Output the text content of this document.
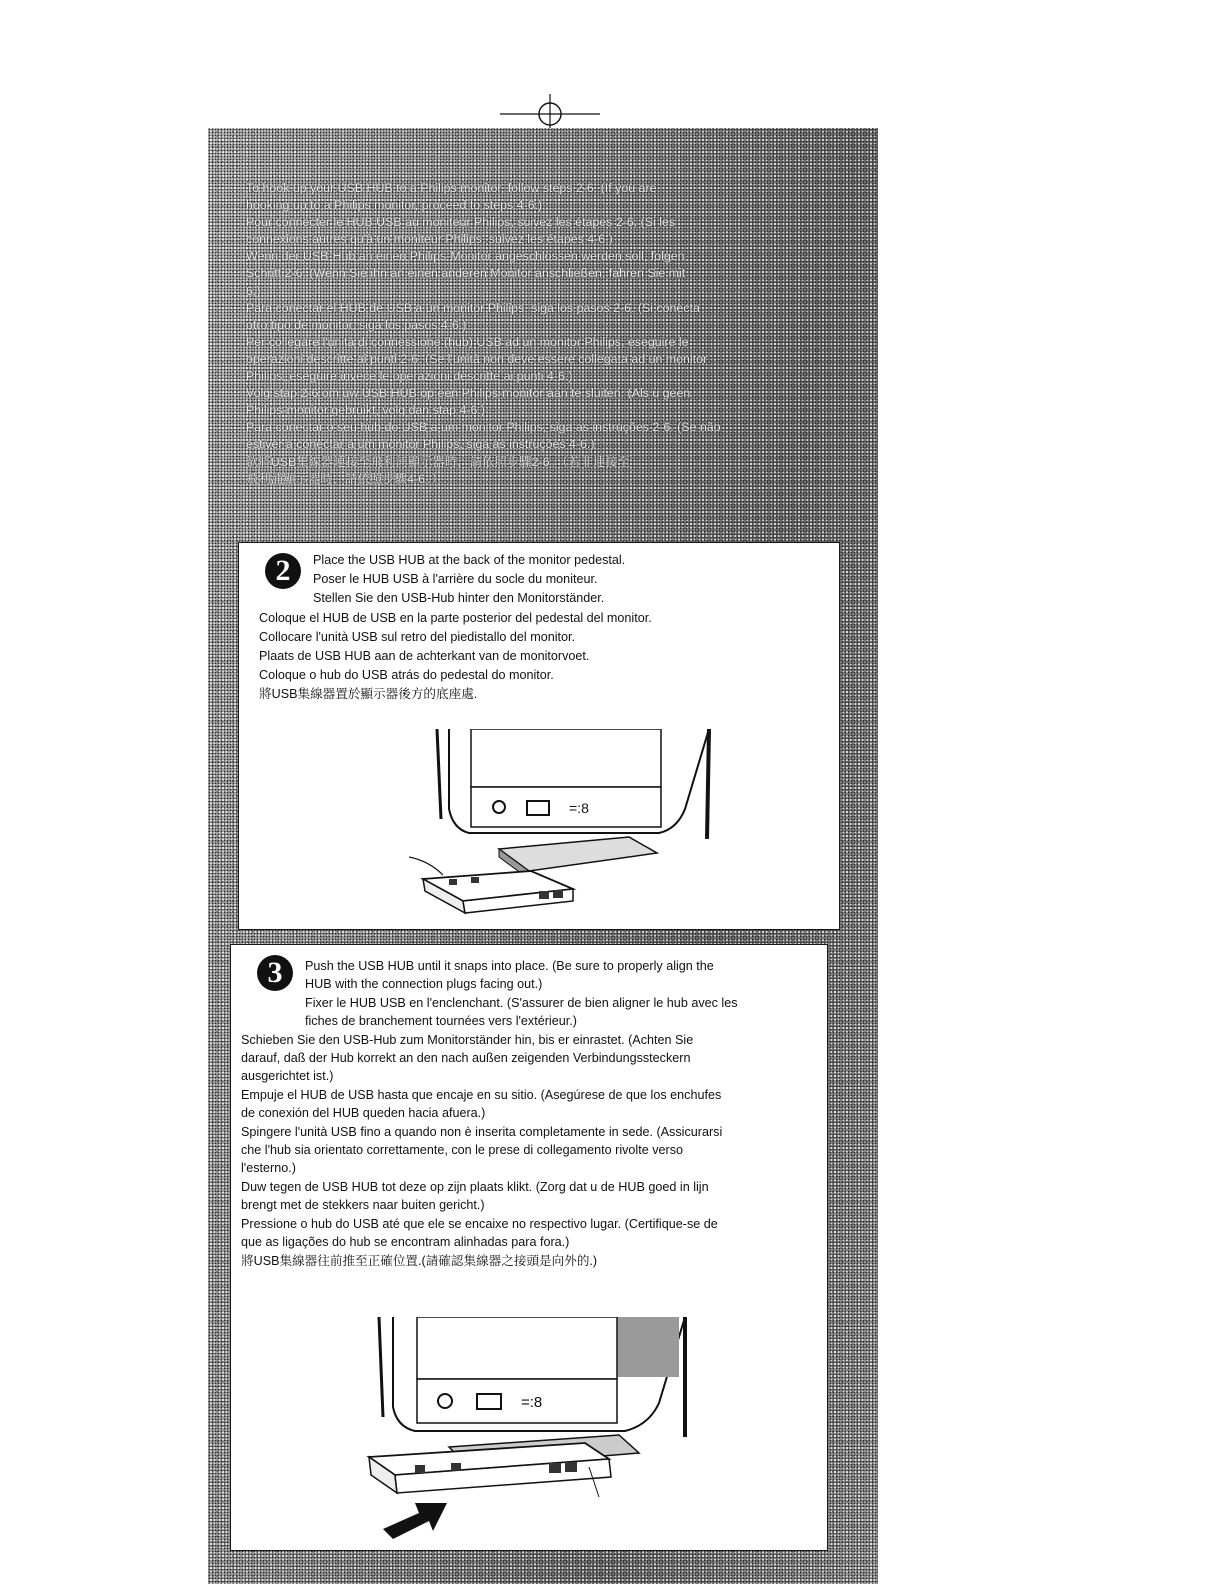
To hook up your USB HUB to a Philips monitor, follow steps 2-6. (If you are

hooking up to a Philips monitor, proceed to steps 4-6.)

Pour connecter le HUB USB au moniteur Philips, suivez les étapes 2-6. (Si les

connexions autres qu'à un moniteur Philips, suivez les étapes 4-6.)

Wenn der USB-Hub an einen Philips-Monitor angeschlossen werden soll, folgen

Schritt 2-6. (Wenn Sie ihn an einen anderen Monitor anschließen, fahren Sie mit

6.)

Para conectar el HUB de USB a un monitor Philips, siga los pasos 2-6. (Si conecta

otro tipo de monitor, siga los pasos 4-6.)

Per collegare l'unità di connessione (hub) USB ad un monitor Philips, eseguire le

operazioni descritte ai punti 2-6. (Se l'unità non deve essere collegata ad un monitor

Philips, eseguire invece le operazioni descritte ai punti 4-6.)

Volg stap 2-6 om uw USB HUB op een Philips-monitor aan te sluiten. (Als u geen

Philips-monitor gebruikt, volg dan stap 4-6.)

Para conectar o seu hub do USB a um monitor Philips, siga as instruções 2-6. (Se não

estiver a conectar a um monitor Philips, siga as instruções 4-6.)

欲將USB集線器連接至飛利浦顯示器時，請依照步驟2-6。（若非連接至

飛利浦顯示器時，請依照步驟4-6。）

2	Place the USB HUB at the back of the monitor pedestal.

Poser le HUB USB à l'arrière du socle du moniteur.

Stellen Sie den USB-Hub hinter den Monitorständer.

Coloque el HUB de USB en la parte posterior del pedestal del monitor.

Collocare l'unità USB sul retro del piedistallo del monitor.

Plaats de USB HUB aan de achterkant van de monitorvoet.

Coloque o hub do USB atrás do pedestal do monitor.

將USB集線器置於顯示器後方的底座處.

=:8
3	Push the USB HUB until it snaps into place. (Be sure to properly align the

HUB with the connection plugs facing out.)

Fixer le HUB USB en l'enclenchant. (S'assurer de bien aligner le hub avec les

fiches de branchement tournées vers l'extérieur.)

Schieben Sie den USB-Hub zum Monitorständer hin, bis er einrastet. (Achten Sie

darauf, daß der Hub korrekt an den nach außen zeigenden Verbindungssteckern

ausgerichtet ist.)

Empuje el HUB de USB hasta que encaje en su sitio. (Asegúrese de que los enchufes

de conexión del HUB queden hacia afuera.)

Spingere l'unità USB fino a quando non è inserita completamente in sede. (Assicurarsi

che l'hub sia orientato correttamente, con le prese di collegamento rivolte verso

l'esterno.)

Duw tegen de USB HUB tot deze op zijn plaats klikt. (Zorg dat u de HUB goed in lijn

brengt met de stekkers naar buiten gericht.)

Pressione o hub do USB até que ele se encaixe no respectivo lugar. (Certifique-se de

que as ligações do hub se encontram alinhadas para fora.)

將USB集線器往前推至正確位置.(請確認集線器之接頭是向外的.)

=:8
